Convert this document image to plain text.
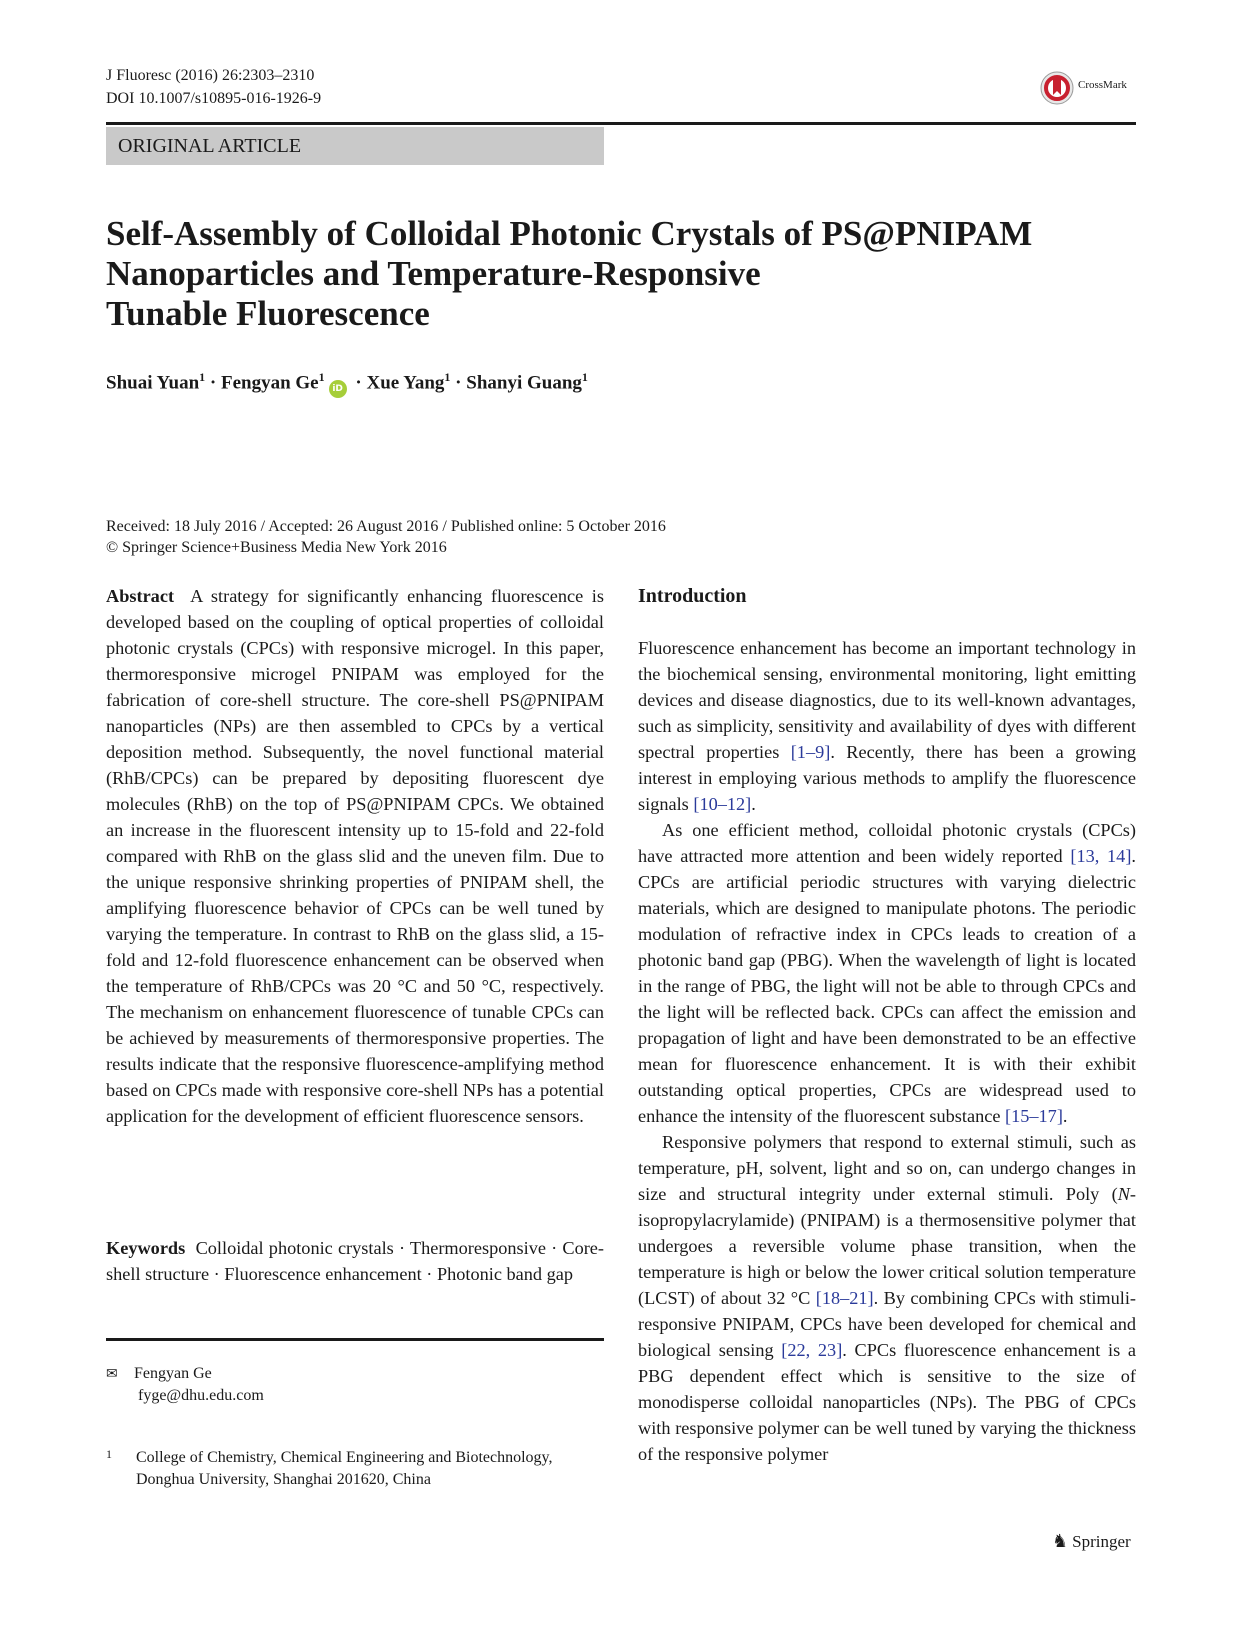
J Fluoresc (2016) 26:2303–2310
DOI 10.1007/s10895-016-1926-9
CrossMark
ORIGINAL ARTICLE
Self-Assembly of Colloidal Photonic Crystals of PS@PNIPAM
Nanoparticles and Temperature-Responsive
Tunable Fluorescence
Shuai Yuan$^1$ · Fengyan $Ge^1iD$ · Xue Yang$^1$ · Shanyi Guang$^1$
Received: 18 July 2016 / Accepted: 26 August 2016 / Published online: 5 October 2016
© Springer Science+Business Media New York 2016
Abstract A strategy for significantly enhancing fluorescence is developed based on the coupling of optical properties of colloidal photonic crystals (CPCs) with responsive microgel. In this paper, thermoresponsive microgel PNIPAM was employed for the fabrication of core-shell structure. The core-shell PS@PNIPAM nanoparticles (NPs) are then assembled to CPCs by a vertical deposition method. Subsequently, the novel functional material (RhB/CPCs) can be prepared by depositing fluorescent dye molecules (RhB) on the top of PS@PNIPAM CPCs. We obtained an increase in the fluorescent intensity up to 15-fold and 22-fold compared with RhB on the glass slid and the uneven film. Due to the unique responsive shrinking properties of PNIPAM shell, the amplifying fluorescence behavior of CPCs can be well tuned by varying the temperature. In contrast to RhB on the glass slid, a 15-fold and 12-fold fluorescence enhancement can be observed when the temperature of RhB/CPCs was 20 °C and 50 °C, respectively. The mechanism on enhancement fluorescence of tunable CPCs can be achieved by measurements of thermoresponsive properties. The results indicate that the responsive fluorescence-amplifying method based on CPCs made with responsive core-shell NPs has a potential application for the development of efficient fluorescence sensors.
Keywords Colloidal photonic crystals · Thermoresponsive · Core-shell structure · Fluorescence enhancement · Photonic band gap
✉ Fengyan Ge
fyge@dhu.edu.com
1 College of Chemistry, Chemical Engineering and Biotechnology,
Donghua University, Shanghai 201620, China
Introduction
Fluorescence enhancement has become an important technology in the biochemical sensing, environmental monitoring, light emitting devices and disease diagnostics, due to its well-known advantages, such as simplicity, sensitivity and availability of dyes with different spectral properties [1–9]. Recently, there has been a growing interest in employing various methods to amplify the fluorescence signals [10–12].
As one efficient method, colloidal photonic crystals (CPCs) have attracted more attention and been widely reported [13, 14]. CPCs are artificial periodic structures with varying dielectric materials, which are designed to manipulate photons. The periodic modulation of refractive index in CPCs leads to creation of a photonic band gap (PBG). When the wavelength of light is located in the range of PBG, the light will not be able to through CPCs and the light will be reflected back. CPCs can affect the emission and propagation of light and have been demonstrated to be an effective mean for fluorescence enhancement. It is with their exhibit outstanding optical properties, CPCs are widespread used to enhance the intensity of the fluorescent substance [15–17].
Responsive polymers that respond to external stimuli, such as temperature, pH, solvent, light and so on, can undergo changes in size and structural integrity under external stimuli. Poly (N-isopropylacrylamide) (PNIPAM) is a thermosensitive polymer that undergoes a reversible volume phase transition, when the temperature is high or below the lower critical solution temperature (LCST) of about 32 °C [18–21]. By combining CPCs with stimuli-responsive PNIPAM, CPCs have been developed for chemical and biological sensing [22, 23]. CPCs fluorescence enhancement is a PBG dependent effect which is sensitive to the size of monodisperse colloidal nanoparticles (NPs). The PBG of CPCs with responsive polymer can be well tuned by varying the thickness of the responsive polymer
♞ Springer
